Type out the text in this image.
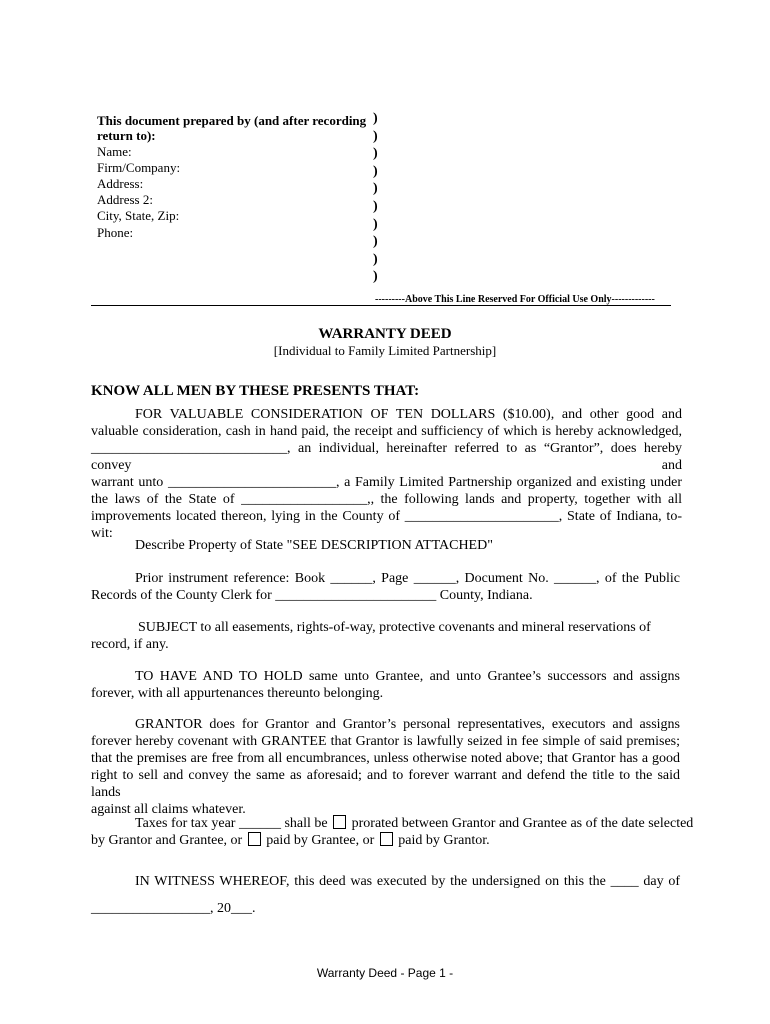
This document prepared by (and after recording
return to):
Name:
Firm/Company:
Address:
Address 2:
City, State, Zip:
Phone:
)
)
)
)
)
)
)
)
)
)
---------Above This Line Reserved For Official Use Only-------------
WARRANTY DEED
[Individual to Family Limited Partnership]
KNOW ALL MEN BY THESE PRESENTS THAT:
FOR VALUABLE CONSIDERATION OF TEN DOLLARS ($10.00), and other good and
valuable consideration, cash in hand paid, the receipt and sufficiency of which is hereby acknowledged,
____________________________, an individual, hereinafter referred to as “Grantor”, does hereby convey and
warrant unto ________________________, a Family Limited Partnership organized and existing under
the laws of the State of __________________,, the following lands and property, together with all
improvements located thereon, lying in the County of ______________________, State of Indiana, to-
wit:
Describe Property of State "SEE DESCRIPTION ATTACHED"
Prior instrument reference: Book ______, Page ______, Document No. ______, of the Public
Records of the County Clerk for _______________________ County, Indiana.
SUBJECT to all easements, rights-of-way, protective covenants and mineral reservations of
record, if any.
TO HAVE AND TO HOLD same unto Grantee, and unto Grantee’s successors and assigns
forever, with all appurtenances thereunto belonging.
GRANTOR does for Grantor and Grantor’s personal representatives, executors and assigns
forever hereby covenant with GRANTEE that Grantor is lawfully seized in fee simple of said premises;
that the premises are free from all encumbrances, unless otherwise noted above; that Grantor has a good
right to sell and convey the same as aforesaid; and to forever warrant and defend the title to the said lands
against all claims whatever.
Taxes for tax year ______ shall be prorated between Grantor and Grantee as of the date selected
by Grantor and Grantee, or paid by Grantee, or paid by Grantor.
IN WITNESS WHEREOF, this deed was executed by the undersigned on this the ____ day of
_________________, 20___.
Warranty Deed - Page 1 -
